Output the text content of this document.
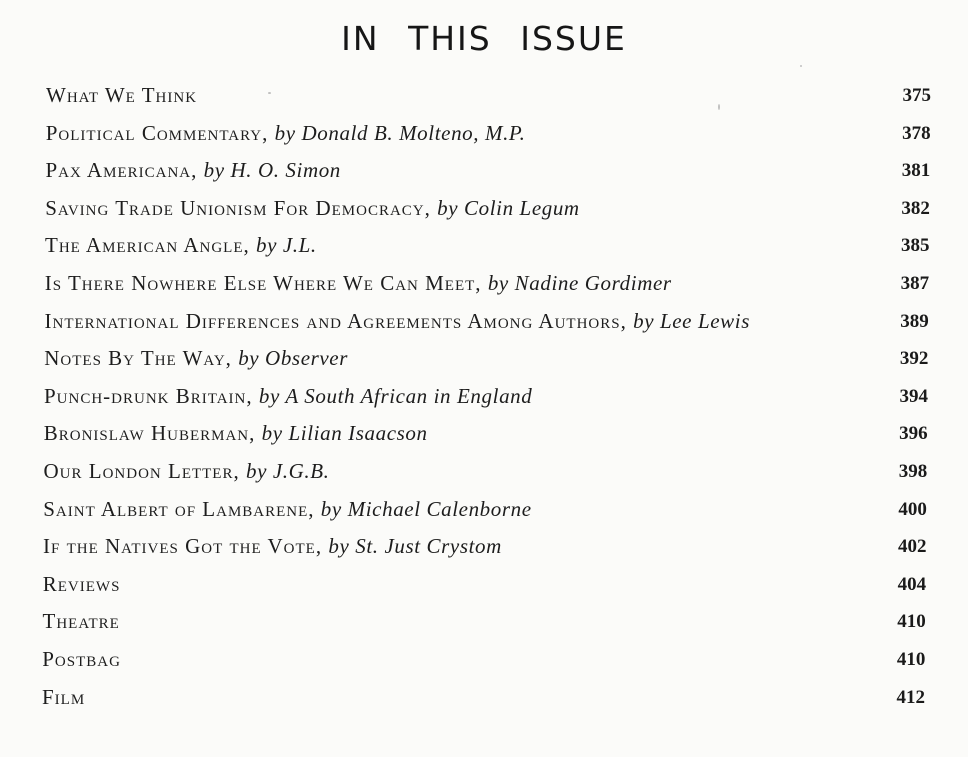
IN THIS ISSUE
What We Think	375
Political Commentary, by Donald B. Molteno, M.P.	378
Pax Americana, by H. O. Simon	381
Saving Trade Unionism For Democracy, by Colin Legum	382
The American Angle, by J.L.	385
Is There Nowhere Else Where We Can Meet, by Nadine Gordimer	387
International Differences and Agreements Among Authors, by Lee Lewis	389
Notes By The Way, by Observer	392
Punch-drunk Britain, by A South African in England	394
Bronislaw Huberman, by Lilian Isaacson	396
Our London Letter, by J.G.B.	398
Saint Albert of Lambarene, by Michael Calenborne	400
If the Natives Got the Vote, by St. Just Crystom	402
Reviews	404
Theatre	410
Postbag	410
Film	412
